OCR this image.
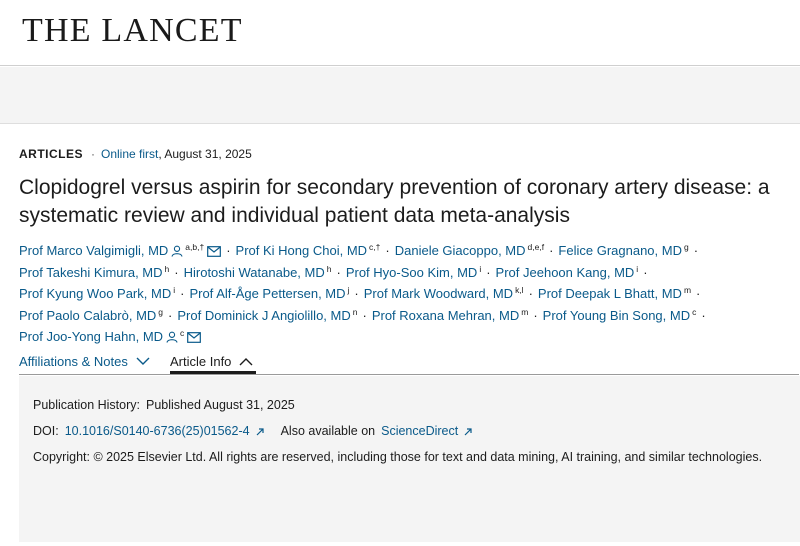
THE LANCET
ARTICLES · Online first, August 31, 2025
Clopidogrel versus aspirin for secondary prevention of coronary artery disease: a systematic review and individual patient data meta-analysis
Prof Marco Valgimigli, MD $^{a,b,\dagger}$ · Prof Ki Hong Choi, MD $^{c,\dagger}$ · Daniele Giacoppo, MD $^{d,e,f}$ · Felice Gragnano, MD $^g$ ·
Prof Takeshi Kimura, MD $^h$ · Hirotoshi Watanabe, MD $^h$ · Prof Hyo-Soo Kim, MD $^i$ · Prof Jeehoon Kang, MD $^i$ ·
Prof Kyung Woo Park, MD $^i$ · Prof Alf-Åge Pettersen, MD $^j$ · Prof Mark Woodward, MD $^{k,l}$ · Prof Deepak L Bhatt, MD $^m$ ·
Prof Paolo Calabrò, MD $^g$ · Prof Dominick J Angiolillo, MD $^n$ · Prof Roxana Mehran, MD $^m$ · Prof Young Bin Song, MD $^c$ ·
Prof Joo-Yong Hahn, MD $^c$
Affiliations & Notes	Article Info
Publication History: Published August 31, 2025
DOI: 10.1016/S0140-6736(25)01562-4 Also available on ScienceDirect
Copyright: © 2025 Elsevier Ltd. All rights are reserved, including those for text and data mining, AI training, and similar technologies.
